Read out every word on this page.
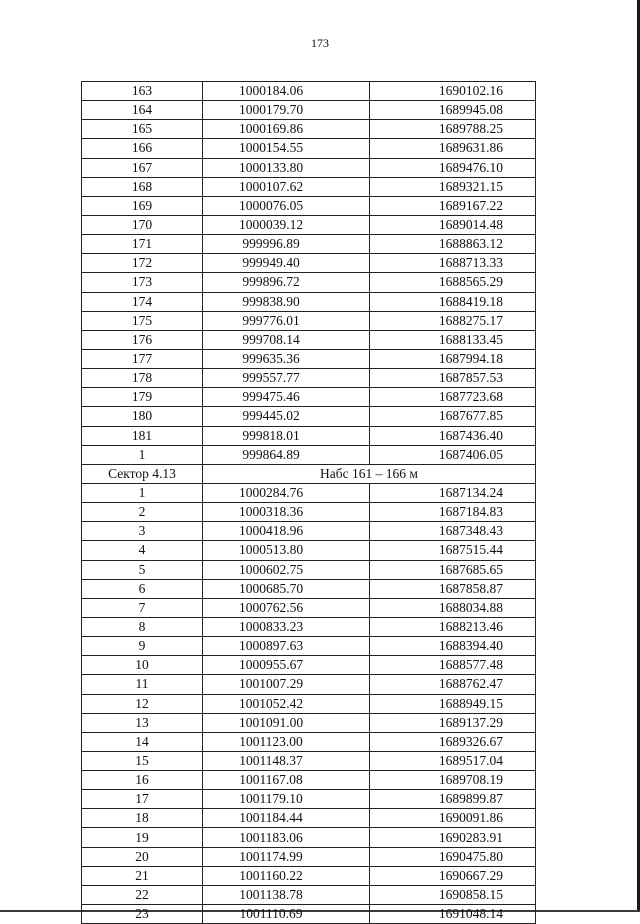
173
163	1000184.06	1690102.16
164	1000179.70	1689945.08
165	1000169.86	1689788.25
166	1000154.55	1689631.86
167	1000133.80	1689476.10
168	1000107.62	1689321.15
169	1000076.05	1689167.22
170	1000039.12	1689014.48
171	999996.89	1688863.12
172	999949.40	1688713.33
173	999896.72	1688565.29
174	999838.90	1688419.18
175	999776.01	1688275.17
176	999708.14	1688133.45
177	999635.36	1687994.18
178	999557.77	1687857.53
179	999475.46	1687723.68
180	999445.02	1687677.85
181	999818.01	1687436.40
1	999864.89	1687406.05
Сектор 4.13	Набс 161 – 166 м	
1	1000284.76	1687134.24
2	1000318.36	1687184.83
3	1000418.96	1687348.43
4	1000513.80	1687515.44
5	1000602.75	1687685.65
6	1000685.70	1687858.87
7	1000762.56	1688034.88
8	1000833.23	1688213.46
9	1000897.63	1688394.40
10	1000955.67	1688577.48
11	1001007.29	1688762.47
12	1001052.42	1688949.15
13	1001091.00	1689137.29
14	1001123.00	1689326.67
15	1001148.37	1689517.04
16	1001167.08	1689708.19
17	1001179.10	1689899.87
18	1001184.44	1690091.86
19	1001183.06	1690283.91
20	1001174.99	1690475.80
21	1001160.22	1690667.29
22	1001138.78	1690858.15
23	1001110.69	1691048.14
